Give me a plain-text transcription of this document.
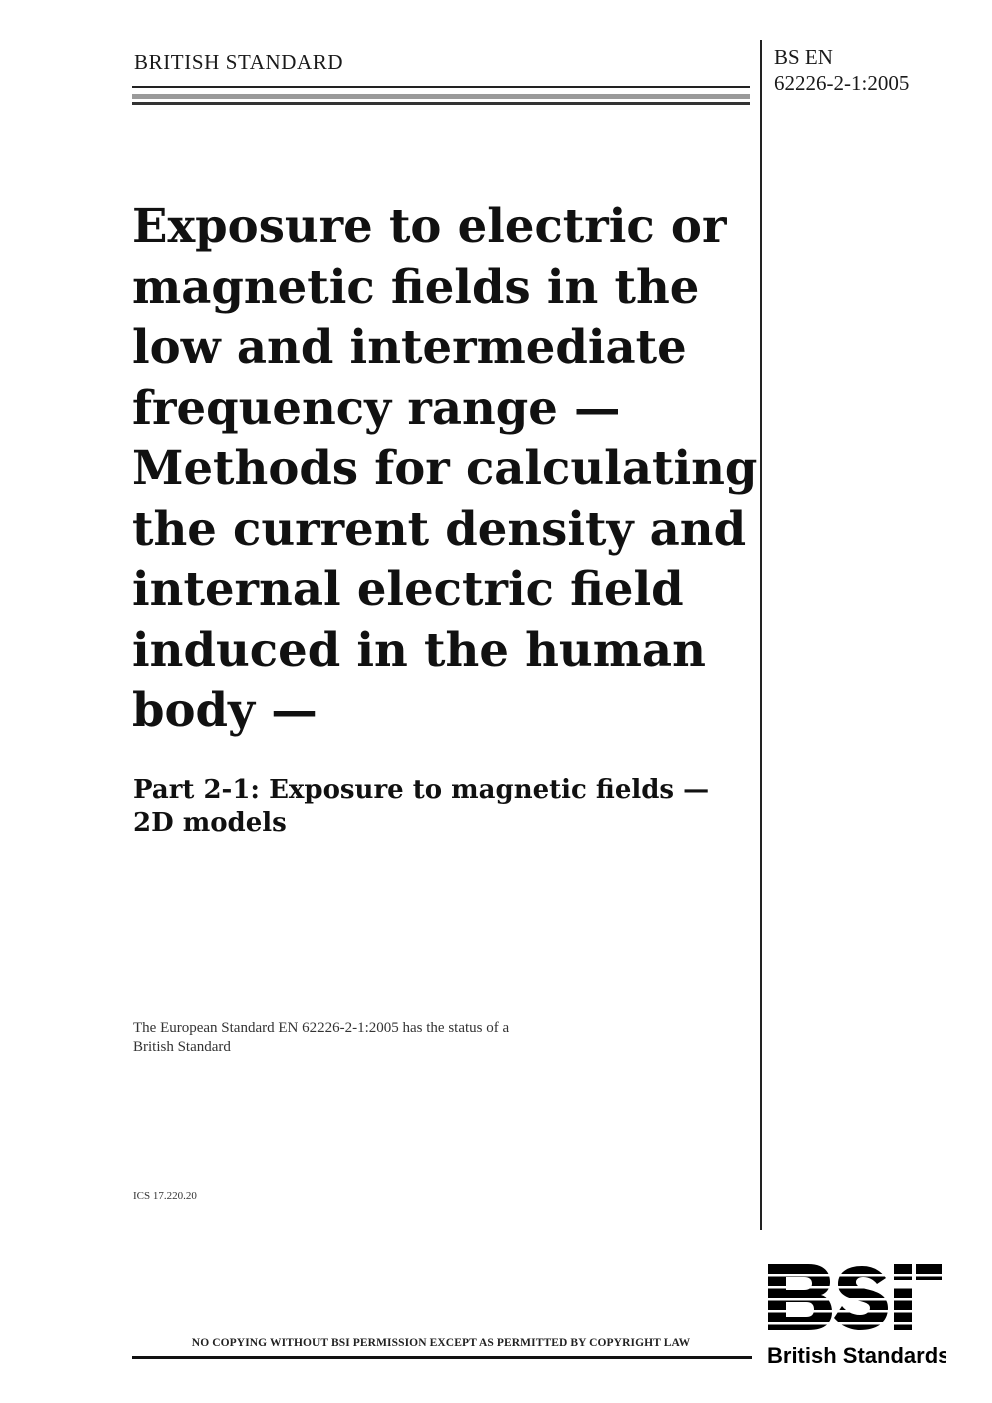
BRITISH STANDARD	BS EN
62226-2-1:2005
Exposure to electric or
magnetic fields in the
low and intermediate
frequency range —
Methods for calculating
the current density and
internal electric field
induced in the human
body —
Part 2-1: Exposure to magnetic fields —
2D models
The European Standard EN 62226-2-1:2005 has the status of a
British Standard
ICS 17.220.20
NO COPYING WITHOUT BSI PERMISSION EXCEPT AS PERMITTED BY COPYRIGHT LAW	British Standards
